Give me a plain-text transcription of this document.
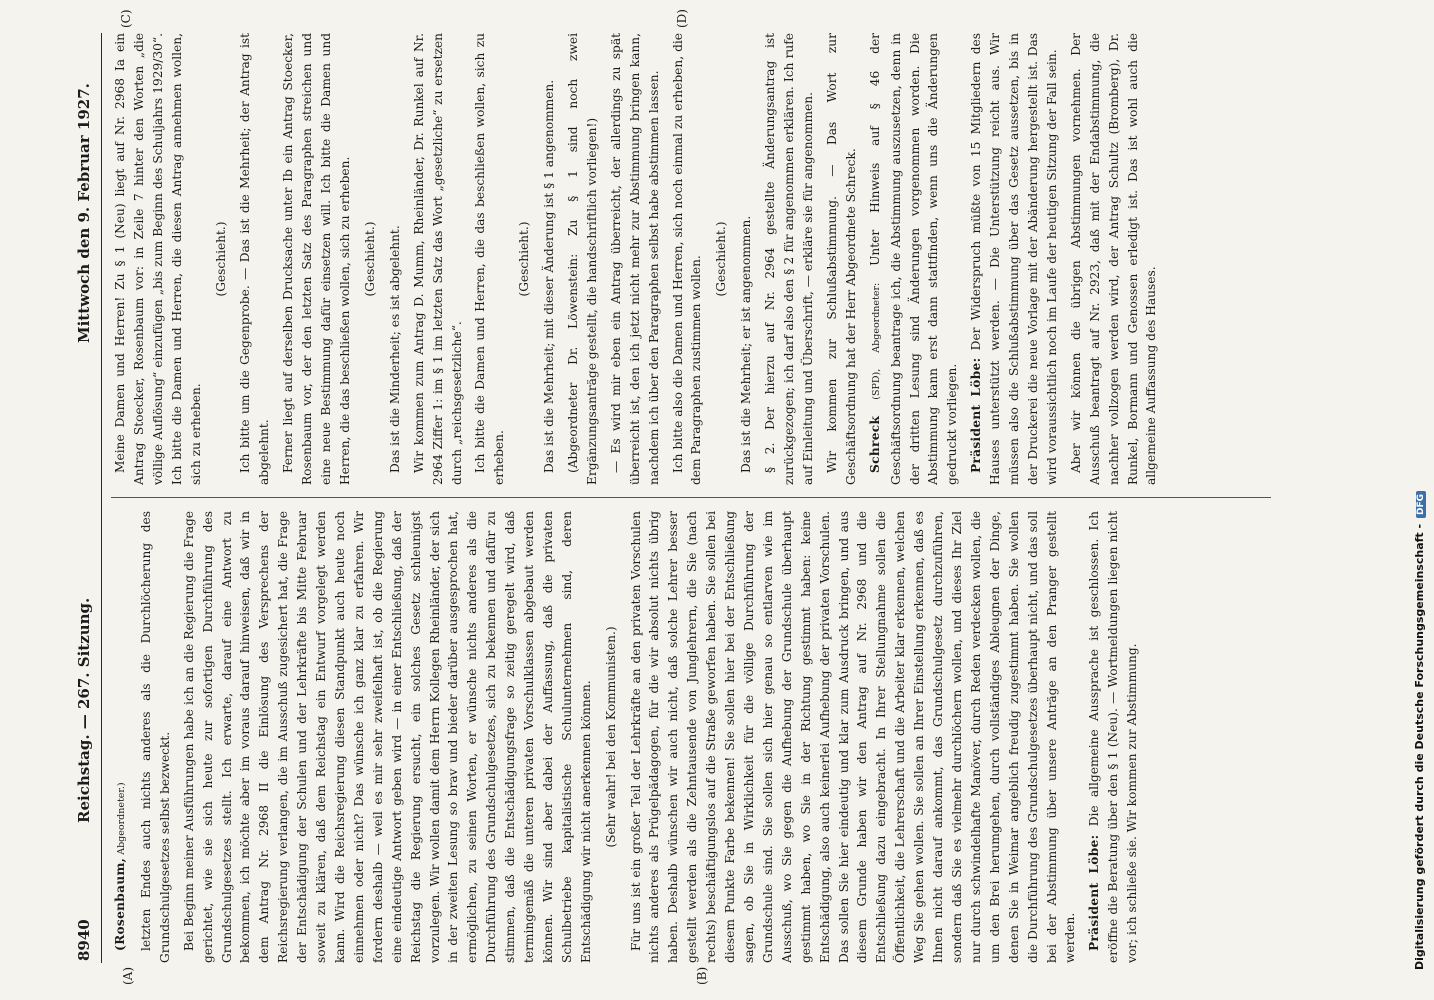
8940
Reichstag. — 267. Sitzung.
Mittwoch den 9. Februar 1927.
(A)	(B)
(C)	(D)

(Rosenbaum, Abgeordneter.) letzten Endes auch nichts anderes als die Durchlöcherung des Grundschulgesetzes selbst bezweckt. Bei Beginn meiner Ausführungen habe ich an die Regierung die Frage gerichtet, wie sie sich heute zur sofortigen Durchführung des Grundschulgesetzes stellt. Ich erwarte, darauf eine Antwort zu bekommen, ich möchte aber im voraus darauf hinweisen, daß wir in dem Antrag Nr. 2968 II die Einlösung des Versprechens der Reichsregierung verlangen, die im Ausschuß zugesichert hat, die Frage der Entschädigung der Schulen und der Lehrkräfte bis Mitte Februar soweit zu klären, daß dem Reichstag ein Entwurf vorgelegt werden kann. Wird die Reichsregierung diesen Standpunkt auch heute noch einnehmen oder nicht? Das wünsche ich ganz klar zu erfahren. Wir fordern deshalb — weil es mir sehr zweifelhaft ist, ob die Regierung eine eindeutige Antwort geben wird — in einer Entschließung, daß der Reichstag die Regierung ersucht, ein solches Gesetz schleunigst vorzulegen. Wir wollen damit dem Herrn Kollegen Rheinländer, der sich in der zweiten Lesung so brav und bieder darüber ausgesprochen hat, ermöglichen, zu seinen Worten, er wünsche nichts anderes als die Durchführung des Grundschulgesetzes, sich zu bekennen und dafür zu stimmen, daß die Entschädigungsfrage so zeitig geregelt wird, daß termingemäß die unteren privaten Vorschulklassen abgebaut werden können. Wir sind aber dabei der Auffassung, daß die privaten Schulbetriebe kapitalistische Schulunternehmen sind, deren Entschädigung wir nicht anerkennen können. (Sehr wahr! bei den Kommunisten.) Für uns ist ein großer Teil der Lehrkräfte an den privaten Vorschulen nichts anderes als Prügelpädagogen, für die wir absolut nichts übrig haben. Deshalb wünschen wir auch nicht, daß solche Lehrer besser gestellt werden als die Zehntausende von Junglehrern, die Sie (nach rechts) beschäftigungslos auf die Straße geworfen haben. Sie sollen bei diesem Punkte Farbe bekennen! Sie sollen hier bei der Entschließung sagen, ob Sie in Wirklichkeit für die völlige Durchführung der Grundschule sind. Sie sollen sich hier genau so entlarven wie im Ausschuß, wo Sie gegen die Aufhebung der Grundschule überhaupt gestimmt haben, wo Sie in der Richtung gestimmt haben: keine Entschädigung, also auch keinerlei Aufhebung der privaten Vorschulen. Das sollen Sie hier eindeutig und klar zum Ausdruck bringen, und aus diesem Grunde haben wir den Antrag auf Nr. 2968 und die Entschließung dazu eingebracht. In Ihrer Stellungnahme sollen die Öffentlichkeit, die Lehrerschaft und die Arbeiter klar erkennen, welchen Weg Sie gehen wollen. Sie sollen an Ihrer Einstellung erkennen, daß es Ihnen nicht darauf ankommt, das Grundschulgesetz durchzuführen, sondern daß Sie es vielmehr durchlöchern wollen, und dieses Ihr Ziel nur durch schwindelhafte Manöver, durch Reden verdecken wollen, die um den Brei herumgehen, durch vollständiges Ableugnen der Dinge, denen Sie in Weimar angeblich freudig zugestimmt haben. Sie wollen die Durchführung des Grundschulgesetzes überhaupt nicht, und das soll bei der Abstimmung über unsere Anträge an den Pranger gestellt werden. Präsident Löbe: Die allgemeine Aussprache ist geschlossen. Ich eröffne die Beratung über den § 1 (Neu). — Wortmeldungen liegen nicht vor; ich schließe sie. Wir kommen zur Abstimmung.

Meine Damen und Herren! Zu § 1 (Neu) liegt auf Nr. 2968 Ia ein Antrag Stoecker, Rosenbaum vor: in Zeile 7 hinter den Worten „die völlige Auflösung“ einzufügen „bis zum Beginn des Schuljahrs 1929/30“. Ich bitte die Damen und Herren, die diesen Antrag annehmen wollen, sich zu erheben.

(Geschieht.) Ich bitte um die Gegenprobe. — Das ist die Mehrheit; der Antrag ist abgelehnt. Ferner liegt auf derselben Drucksache unter Ib ein Antrag Stoecker, Rosenbaum vor, der den letzten Satz des Paragraphen streichen und eine neue Bestimmung dafür einsetzen will. Ich bitte die Damen und Herren, die das beschließen wollen, sich zu erheben. (Geschieht.) Das ist die Minderheit; es ist abgelehnt. Wir kommen zum Antrag D. Mumm, Rheinländer, Dr. Runkel auf Nr. 2964 Ziffer 1: im § 1 im letzten Satz das Wort „gesetzliche“ zu ersetzen durch „reichsgesetzliche“. Ich bitte die Damen und Herren, die das beschließen wollen, sich zu erheben.

(Geschieht.) Das ist die Mehrheit; mit dieser Änderung ist § 1 angenommen. (Abgeordneter Dr. Löwenstein: Zu § 1 sind noch zwei Ergänzungsanträge gestellt, die handschriftlich vorliegen!) — Es wird mir eben ein Antrag überreicht, der allerdings zu spät überreicht ist, den ich jetzt nicht mehr zur Abstimmung bringen kann, nachdem ich über den Paragraphen selbst habe abstimmen lassen. Ich bitte also die Damen und Herren, sich noch einmal zu erheben, die dem Paragraphen zustimmen wollen. (Geschieht.) Das ist die Mehrheit; er ist angenommen. § 2. Der hierzu auf Nr. 2964 gestellte Änderungsantrag ist zurückgezogen; ich darf also den § 2 für angenommen erklären. Ich rufe auf Einleitung und Überschrift, — erkläre sie für angenommen. Wir kommen zur Schlußabstimmung. — Das Wort zur Geschäftsordnung hat der Herr Abgeordnete Schreck. Schreck (SPD), Abgeordneter: Unter Hinweis auf § 46 der Geschäftsordnung beantrage ich, die Abstimmung auszusetzen, denn in der dritten Lesung sind Änderungen vorgenommen worden. Die Abstimmung kann erst dann stattfinden, wenn uns die Änderungen gedruckt vorliegen. Präsident Löbe: Der Widerspruch müßte von 15 Mitgliedern des Hauses unterstützt werden. — Die Unterstützung reicht aus. Wir müssen also die Schlußabstimmung über das Gesetz aussetzen, bis in der Druckerei die neue Vorlage mit der Abänderung hergestellt ist. Das wird voraussichtlich noch im Laufe der heutigen Sitzung der Fall sein. Aber wir können die übrigen Abstimmungen vornehmen. Der Ausschuß beantragt auf Nr. 2923, daß mit der Endabstimmung, die nachher vollzogen werden wird, der Antrag Schultz (Bromberg), Dr. Runkel, Bormann und Genossen erledigt ist. Das ist wohl auch die allgemeine Auffassung des Hauses.

Digitalisierung gefördert durch die Deutsche Forschungsgemeinschaft -DFG
